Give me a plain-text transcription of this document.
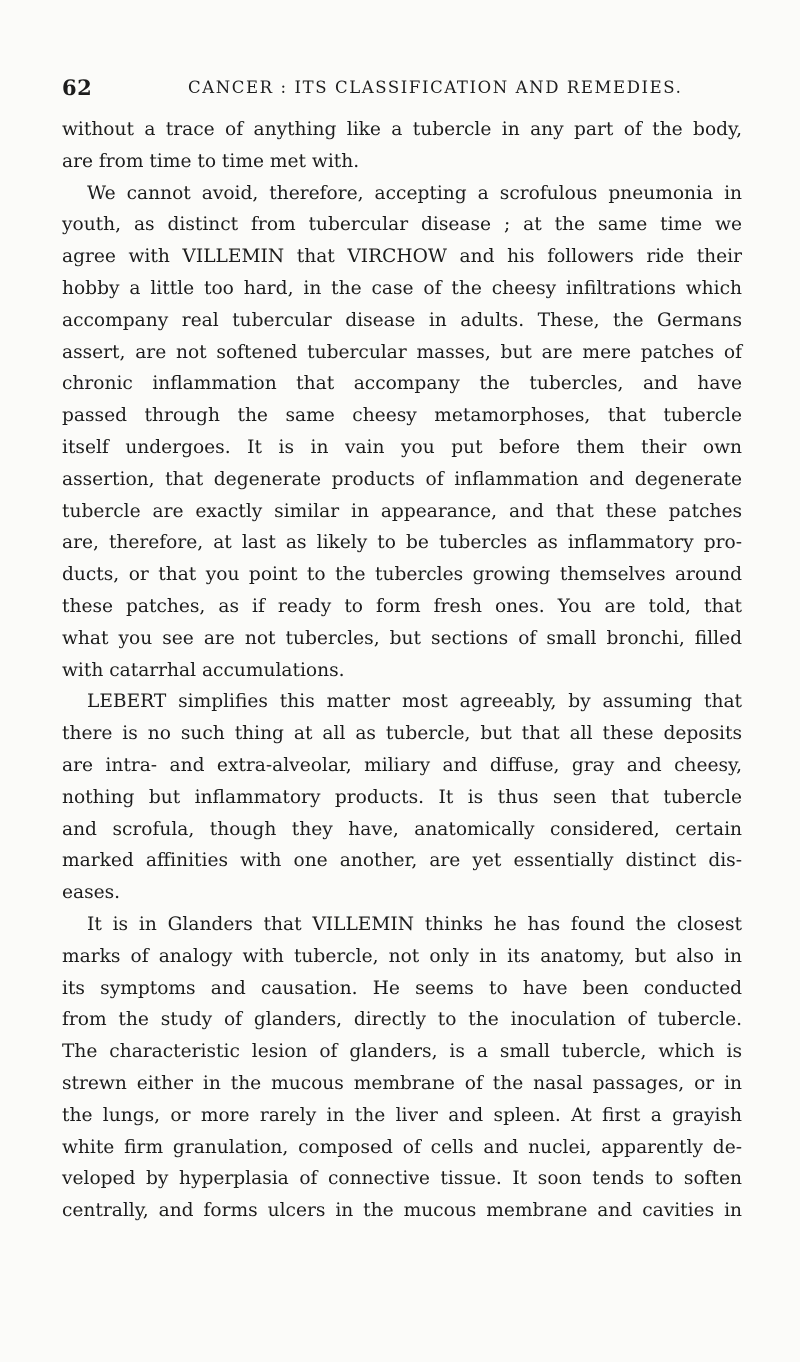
62	CANCER : ITS CLASSIFICATION AND REMEDIES.
without a trace of anything like a tubercle in any part of the body,
are from time to time met with.
We cannot avoid, therefore, accepting a scrofulous pneumonia in
youth, as distinct from tubercular disease ; at the same time we
agree with VILLEMIN that VIRCHOW and his followers ride their
hobby a little too hard, in the case of the cheesy infiltrations which
accompany real tubercular disease in adults. These, the Germans
assert, are not softened tubercular masses, but are mere patches of
chronic inflammation that accompany the tubercles, and have
passed through the same cheesy metamorphoses, that tubercle
itself undergoes. It is in vain you put before them their own
assertion, that degenerate products of inflammation and degenerate
tubercle are exactly similar in appearance, and that these patches
are, therefore, at last as likely to be tubercles as inflammatory pro-
ducts, or that you point to the tubercles growing themselves around
these patches, as if ready to form fresh ones. You are told, that
what you see are not tubercles, but sections of small bronchi, filled
with catarrhal accumulations.
LEBERT simplifies this matter most agreeably, by assuming that
there is no such thing at all as tubercle, but that all these deposits
are intra- and extra-alveolar, miliary and diffuse, gray and cheesy,
nothing but inflammatory products. It is thus seen that tubercle
and scrofula, though they have, anatomically considered, certain
marked affinities with one another, are yet essentially distinct dis-
eases.
It is in Glanders that VILLEMIN thinks he has found the closest
marks of analogy with tubercle, not only in its anatomy, but also in
its symptoms and causation. He seems to have been conducted
from the study of glanders, directly to the inoculation of tubercle.
The characteristic lesion of glanders, is a small tubercle, which is
strewn either in the mucous membrane of the nasal passages, or in
the lungs, or more rarely in the liver and spleen. At first a grayish
white firm granulation, composed of cells and nuclei, apparently de-
veloped by hyperplasia of connective tissue. It soon tends to soften
centrally, and forms ulcers in the mucous membrane and cavities in
